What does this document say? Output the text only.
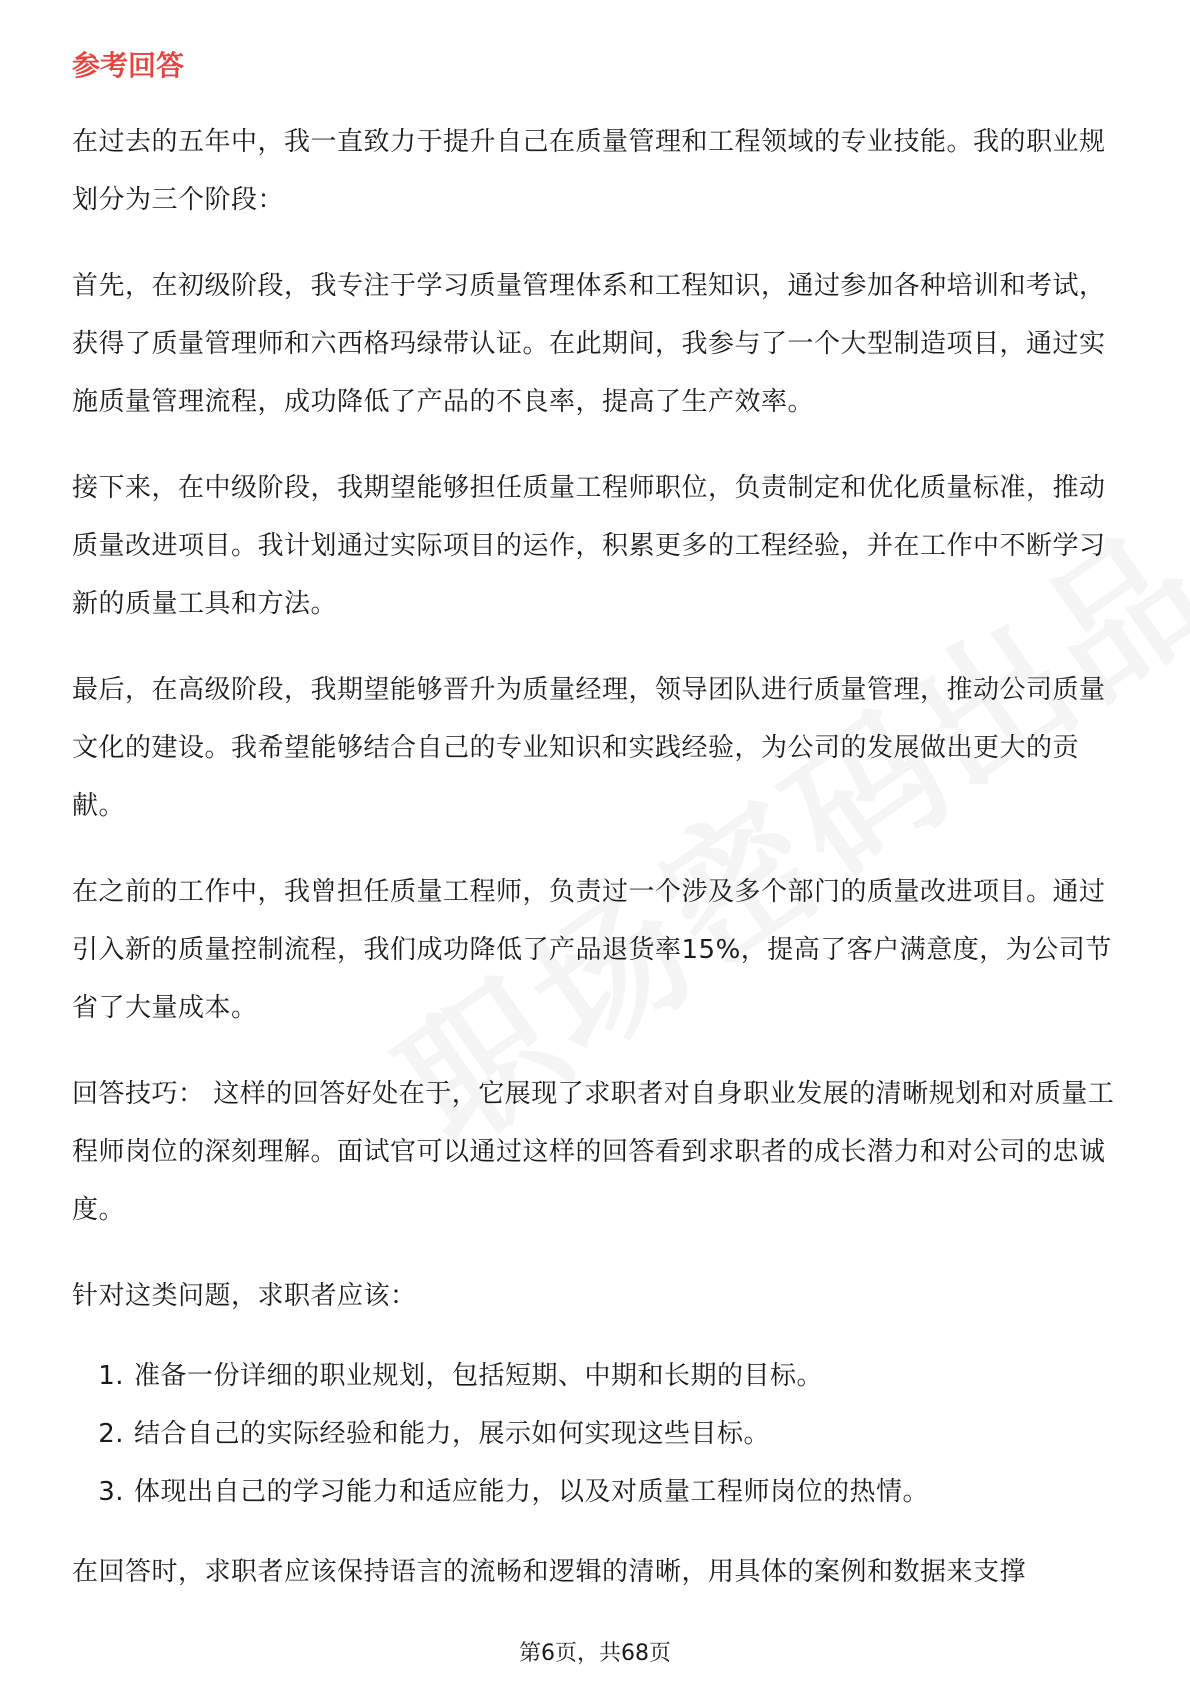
参考回答

在过去的五年中，我一直致力于提升自己在质量管理和工程领域的专业技能。我的职业规划分为三个阶段：

首先，在初级阶段，我专注于学习质量管理体系和工程知识，通过参加各种培训和考试，获得了质量管理师和六西格玛绿带认证。在此期间，我参与了一个大型制造项目，通过实施质量管理流程，成功降低了产品的不良率，提高了生产效率。

接下来，在中级阶段，我期望能够担任质量工程师职位，负责制定和优化质量标准，推动质量改进项目。我计划通过实际项目的运作，积累更多的工程经验，并在工作中不断学习新的质量工具和方法。

最后，在高级阶段，我期望能够晋升为质量经理，领导团队进行质量管理，推动公司质量文化的建设。我希望能够结合自己的专业知识和实践经验，为公司的发展做出更大的贡献。

在之前的工作中，我曾担任质量工程师，负责过一个涉及多个部门的质量改进项目。通过引入新的质量控制流程，我们成功降低了产品退货率15%，提高了客户满意度，为公司节省了大量成本。

回答技巧： 这样的回答好处在于，它展现了求职者对自身职业发展的清晰规划和对质量工程师岗位的深刻理解。面试官可以通过这样的回答看到求职者的成长潜力和对公司的忠诚度。

针对这类问题，求职者应该：

1. 准备一份详细的职业规划，包括短期、中期和长期的目标。
2. 结合自己的实际经验和能力，展示如何实现这些目标。
3. 体现出自己的学习能力和适应能力，以及对质量工程师岗位的热情。

在回答时，求职者应该保持语言的流畅和逻辑的清晰，用具体的案例和数据来支撑

第6页，共68页
